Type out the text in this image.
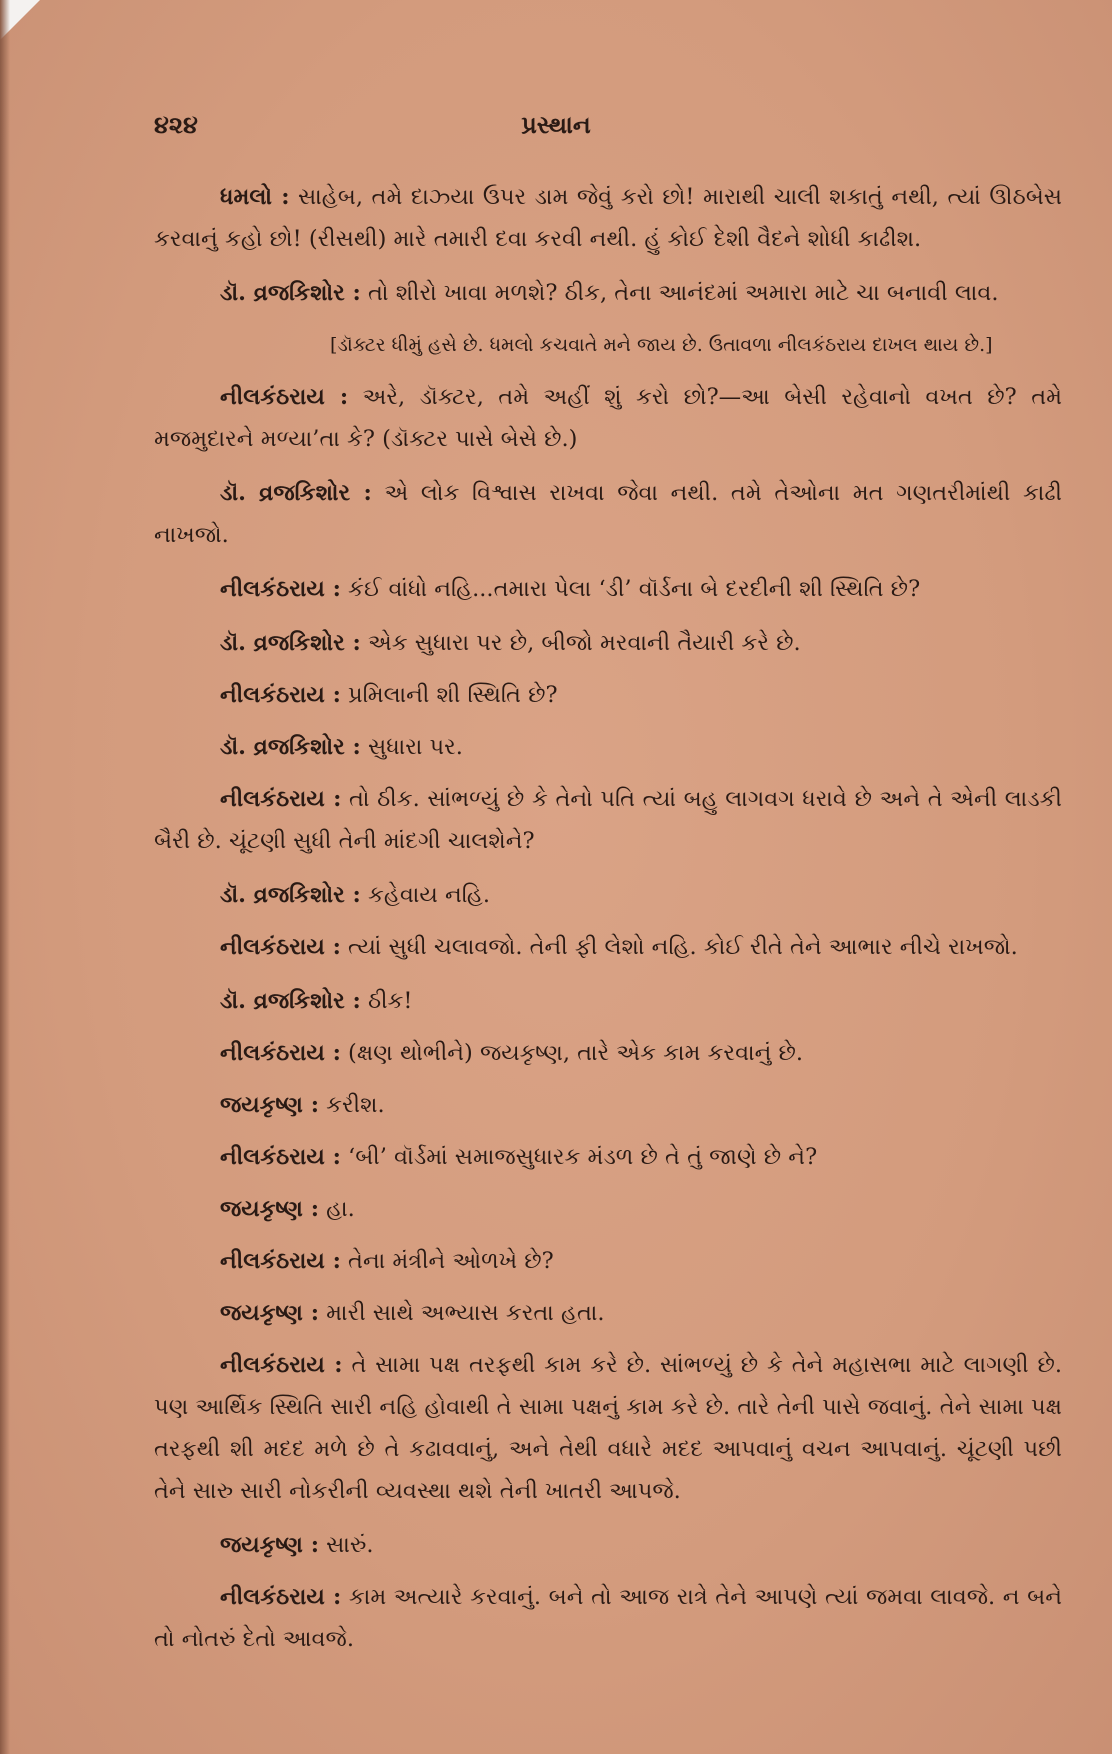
૪૨૪	પ્રસ્થાન

ધમલો : સાહેબ, તમે દાઝ્યા ઉપર ડામ જેવું કરો છો! મારાથી ચાલી શકાતું નથી, ત્યાં ઊઠબેસ કરવાનું કહો છો! (રીસથી) મારે તમારી દવા કરવી નથી. હું કોઈ દેશી વૈદને શોધી કાઢીશ.

ડૉ. વ્રજકિશોર : તો શીરો ખાવા મળશે? ઠીક, તેના આનંદમાં અમારા માટે ચા બનાવી લાવ.

[ડૉક્ટર ધીમું હસે છે. ધમલો કચવાતે મને જાય છે. ઉતાવળા નીલકંઠરાય દાખલ થાય છે.]

નીલકંઠરાય : અરે, ડૉક્ટર, તમે અહીં શું કરો છો?—આ બેસી રહેવાનો વખત છે? તમે મજમુદારને મળ્યા’તા કે? (ડૉક્ટર પાસે બેસે છે.)

ડૉ. વ્રજકિશોર : એ લોક વિશ્વાસ રાખવા જેવા નથી. તમે તેઓના મત ગણતરીમાંથી કાઢી નાખજો.

નીલકંઠરાય : કંઈ વાંધો નહિ...તમારા પેલા ‘ડી’ વૉર્ડના બે દરદીની શી સ્થિતિ છે?

ડૉ. વ્રજકિશોર : એક સુધારા પર છે, બીજો મરવાની તૈયારી કરે છે.

નીલકંઠરાય : પ્રમિલાની શી સ્થિતિ છે?

ડૉ. વ્રજકિશોર : સુધારા પર.

નીલકંઠરાય : તો ઠીક. સાંભળ્યું છે કે તેનો પતિ ત્યાં બહુ લાગવગ ધરાવે છે અને તે એની લાડકી બૈરી છે. ચૂંટણી સુધી તેની માંદગી ચાલશેને?

ડૉ. વ્રજકિશોર : કહેવાય નહિ.

નીલકંઠરાય : ત્યાં સુધી ચલાવજો. તેની ફી લેશો નહિ. કોઈ રીતે તેને આભાર નીચે રાખજો.

ડૉ. વ્રજકિશોર : ઠીક!

નીલકંઠરાય : (ક્ષણ થોભીને) જયકૃષ્ણ, તારે એક કામ કરવાનું છે.

જયકૃષ્ણ : કરીશ.

નીલકંઠરાય : ‘બી’ વૉર્ડમાં સમાજસુધારક મંડળ છે તે તું જાણે છે ને?

જયકૃષ્ણ : હા.

નીલકંઠરાય : તેના મંત્રીને ઓળખે છે?

જયકૃષ્ણ : મારી સાથે અભ્યાસ કરતા હતા.

નીલકંઠરાય : તે સામા પક્ષ તરફથી કામ કરે છે. સાંભળ્યું છે કે તેને મહાસભા માટે લાગણી છે. પણ આર્થિક સ્થિતિ સારી નહિ હોવાથી તે સામા પક્ષનું કામ કરે છે. તારે તેની પાસે જવાનું. તેને સામા પક્ષ તરફથી શી મદદ મળે છે તે કઢાવવાનું, અને તેથી વધારે મદદ આપવાનું વચન આપવાનું. ચૂંટણી પછી તેને સારુ સારી નોકરીની વ્યવસ્થા થશે તેની ખાતરી આપજે.

જયકૃષ્ણ : સારું.

નીલકંઠરાય : કામ અત્યારે કરવાનું. બને તો આજ રાત્રે તેને આપણે ત્યાં જમવા લાવજે. ન બને તો નોતરું દેતો આવજે.
